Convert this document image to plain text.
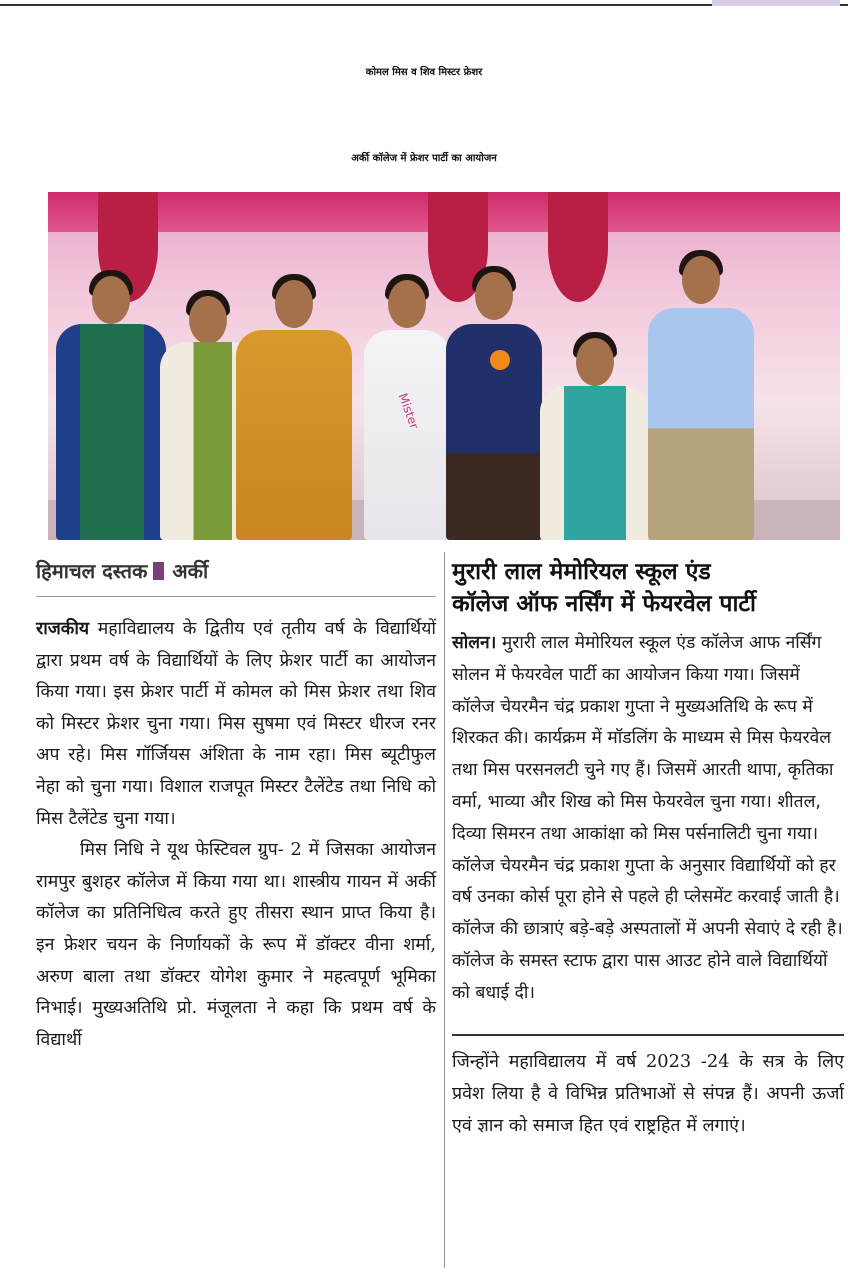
कोमल मिस व शिव मिस्टर फ्रेशर
अर्की कॉलेज में फ्रेशर पार्टी का आयोजन
Mister
हिमाचल दस्तक अर्की

राजकीय महाविद्यालय के द्वितीय एवं तृतीय वर्ष के विद्यार्थियों द्वारा प्रथम वर्ष के विद्यार्थियों के लिए फ्रेशर पार्टी का आयोजन किया गया। इस फ्रेशर पार्टी में कोमल को मिस फ्रेशर तथा शिव को मिस्टर फ्रेशर चुना गया। मिस सुषमा एवं मिस्टर धीरज रनर अप रहे। मिस गॉर्जियस अंशिता के नाम रहा। मिस ब्यूटीफुल नेहा को चुना गया। विशाल राजपूत मिस्टर टैलेंटेड तथा निधि को मिस टैलेंटेड चुना गया।

मिस निधि ने यूथ फेस्टिवल ग्रुप- 2 में जिसका आयोजन रामपुर बुशहर कॉलेज में किया गया था। शास्त्रीय गायन में अर्की कॉलेज का प्रतिनिधित्व करते हुए तीसरा स्थान प्राप्त किया है। इन फ्रेशर चयन के निर्णायकों के रूप में डॉक्टर वीना शर्मा, अरुण बाला तथा डॉक्टर योगेश कुमार ने महत्वपूर्ण भूमिका निभाई। मुख्यअतिथि प्रो. मंजूलता ने कहा कि प्रथम वर्ष के विद्यार्थी

मुरारी लाल मेमोरियल स्कूल एंड
कॉलेज ऑफ नर्सिंग में फेयरवेल पार्टी
सोलन। मुरारी लाल मेमोरियल स्कूल एंड कॉलेज आफ नर्सिंग सोलन में फेयरवेल पार्टी का आयोजन किया गया। जिसमें कॉलेज चेयरमैन चंद्र प्रकाश गुप्ता ने मुख्यअतिथि के रूप में शिरकत की। कार्यक्रम में मॉडलिंग के माध्यम से मिस फेयरवेल तथा मिस परसनलटी चुने गए हैं। जिसमें आरती थापा, कृतिका वर्मा, भाव्या और शिख को मिस फेयरवेल चुना गया। शीतल, दिव्या सिमरन तथा आकांक्षा को मिस पर्सनालिटी चुना गया। कॉलेज चेयरमैन चंद्र प्रकाश गुप्ता के अनुसार विद्यार्थियों को हर वर्ष उनका कोर्स पूरा होने से पहले ही प्लेसमेंट करवाई जाती है। कॉलेज की छात्राएं बड़े-बड़े अस्पतालों में अपनी सेवाएं दे रही है। कॉलेज के समस्त स्टाफ द्वारा पास आउट होने वाले विद्यार्थियों को बधाई दी।
जिन्होंने महाविद्यालय में वर्ष 2023 -24 के सत्र के लिए प्रवेश लिया है वे विभिन्न प्रतिभाओं से संपन्न हैं। अपनी ऊर्जा एवं ज्ञान को समाज हित एवं राष्ट्रहित में लगाएं।
